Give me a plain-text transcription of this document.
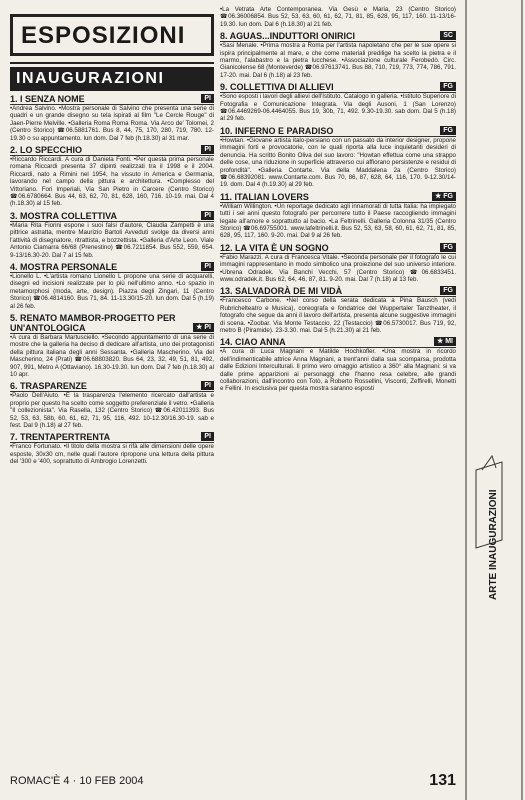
ESPOSIZIONI
INAUGURAZIONI
1. I SENZA NOME	PI
•Andrea Salvino. •Mostra personale di Salvino che presenta una serie di quadri e un grande disegno su tela ispirati al film "Le Cercle Rouge" di Jaen-Pierre Melville. •Galleria Roma Roma Roma. Via Arco de' Tolomei, 2 (Centro Storico) ☎06.5881761. Bus 8, 44, 75, 170, 280, 719, 780. 12-19.30 o su appuntamento. lun dom. Dal 7 feb (h.18.30) al 31 mar.
2. LO SPECCHIO	PI
•Riccardo Riccardi. A cura di Daniela Fonti. •Per questa prima personale romana Riccardi presenta 37 dipinti realizzati tra il 1998 e il 2004. Riccardi, nato a Rimini nel 1954, ha vissuto in America e Germania, lavorando nel campo della pittura e architettura. •Complesso del Vittoriano. Fori Imperiali, Via San Pietro in Carcere (Centro Storico) ☎06.6780664. Bus 44, 63, 62, 70, 81, 628, 160, 716. 10-19. mai. Dal 4 (h.18.30) al 15 feb.
3. MOSTRA COLLETTIVA	PI
•Maria Rita Fiorini espone i suoi falsi d'autore, Claudia Zampetti è una pittrice astratta, mentre Maurizio Bartoli Avveduti svolge da diversi anni l'attività di disegnatore, ritrattista, e bozzettista. •Galleria d'Arte Leon. Viale Antonio Ciamarra 66/68 (Prenestino) ☎06.7211854. Bus 552, 559, 654. 9-13/16.30-20. Dal 7 al 15 feb.
4. MOSTRA PERSONALE	PI
•Lionello L. •L'artista romano Lionello L propone una serie di acquarelli, disegni ed incisioni realizzate per lo più nell'ultimo anno. •Lo spazio in metamorphosi (moda, arte, design). Piazza degli Zingari, 11 (Centro Storico) ☎06.4814160. Bus 71, 84. 11-13.30/15-20. lun dom. Dal 5 (h.19) al 26 feb.
5. RENATO MAMBOR-PROGETTO PER UN'ANTOLOGICA	★ PI
•A cura di Barbara Martusciello. •Secondo appuntamento di una serie di mostre che la galleria ha deciso di dedicare all'artista, uno dei protagonisti della pittura italiana degli anni Sessanta. •Galleria Mascherino. Via del Mascherino, 24 (Prati) ☎06.68803820. Bus 64, 23, 32, 49, 51, 81, 492, 907, 991, Metro A (Ottaviano). 16.30-19.30. lun dom. Dal 7 feb (h.18.30) al 10 apr.
6. TRASPARENZE	PI
•Paolo Dell'Aiuto. •È la trasparenza l'elemento ricercato dall'artista e proprio per questo ha scelto come soggetto preferenziale il vetro. •Galleria "Il collezionista". Via Rasella, 132 (Centro Storico) ☎06.42011393. Bus 52, 53, 63, 58b, 60, 61, 62, 71, 95, 116, 492. 10-12.30/16.30-19. sab e fest. Dal 9 (h.18) al 27 feb.
7. TRENTAPERTRENTA	PI
•Franco Fortunato. •Il titolo della mostra si rifà alle dimensioni delle opere esposte, 30x30 cm, nelle quali l'autore ripropone una lettura della pittura del '300 e '400, soprattutto di Ambrogio Lorenzetti.
•La Vetrata Arte Contemporanea. Via Gesù e Maria, 23 (Centro Storico) ☎06.36006854. Bus 52, 53, 63, 60, 61, 62, 71, 81, 85, 628, 95, 117, 160. 11-13/16-19.30. lun dom. Dal 6 (h.18.30) al 21 feb.
8. AGUAS...INDUTTORI ONIRICI	SC
•Sasi Menale. •Prima mostra a Roma per l'artista napoletano che per le sue opere si ispira principalmente al mare, e che come materiali predilige ha scelto la pietra e il marmo, l'alabastro e la pietra lucchese. •Associazione culturale Ferobedò. Circ. Gianicolense 68 (Monteverde) ☎06.97613741. Bus 88, 710, 719, 773, 774, 786, 791. 17-20. mai. Dal 6 (h.18) al 23 feb.
9. COLLETTIVA DI ALLIEVI	FG
•Sono esposti i lavori degli allievi dell'Istituto. Catalogo in galleria. •Istituto Superiore di Fotografia e Comunicazione Integrata. Via degli Ausoni, 1 (San Lorenzo) ☎06.4469269-06.4464055. Bus 19, 30b, 71, 492. 9.30-19.30. sab dom. Dal 5 (h.18) al 29 feb.
10. INFERNO E PARADISO	FG
•Howtan. •Giovane artista italo-persiano con un passato da interior designer, propone immagini forti e provocatorie, con le quali riporta alla luce inquietanti desideri di denuncia. Ha scritto Bonito Oliva del suo lavoro: "Howtan effettua come una strappo delle cose, una riduzione in superficie attraverso cui affiorano persistenze e residui di profondità". •Galleria Contarte. Via della Maddalena 2a (Centro Storico) ☎06.68392081. www.Contarte.com. Bus 70, 86, 87, 628, 64, 116, 170. 9-12.30/14-19. dom. Dal 4 (h.19.30) al 29 feb.
11. ITALIAN LOVERS	★ FG
•William Willington. •Un reportage dedicato agli innamorati di tutta Italia: ha impiegato tutti i sei anni questo fotografo per percorrere tutto il Paese raccogliendo immagini legate all'amore e soprattutto al bacio. •La Feltrinelli. Galleria Colonna 31/35 (Centro Storico) ☎06.69755001. www.lafeltrinelli.it. Bus 52, 53, 63, 58, 60, 61, 62, 71, 81, 85, 628, 95, 117, 160. 9-20. mai. Dal 9 al 26 feb.
12. LA VITA È UN SOGNO	FG
•Fabio Marazzi. A cura di Francesca Vitale. •Seconda personale per il fotografo le cui immagini rappresentano in modo simbolico una proiezione del suo universo interiore. •Ubrena Odradek. Via Banchi Vecchi, 57 (Centro Storico) ☎06.6833451. www.odradek.it. Bus 62, 64, 46, 87, 81. 9-20. mai. Dal 7 (h.18) al 13 feb.
13. SALVADORÀ DE MI VIDÀ	FG
•Francesco Carbone. •Nel corso della serata dedicata a Pina Bausch (vedi Rubrichelteatro e Musica), coreografa e fondatrice del Wuppertaler Tanztheater, il fotografo che segue da anni il lavoro dell'artista, presenta alcune suggestive immagini di scena. •Zoobar. Via Monte Testaccio, 22 (Testaccio) ☎06.5730017. Bus 719, 92, metro B (Piramide). 23-3.30. mai. Dal 5 (h.21.30) al 21 feb.
14. CIAO ANNA	★ MI
•A cura di Luca Magnani e Matilde Hochkofler. •Una mostra in ricordo dell'indimenticabile attrice Anna Magnani, a trent'anni dalla sua scomparsa, prodotta dalle Edizioni Interculturali. Il primo vero omaggio artistico a 360° alla Magnani: si va dalle prime apparizioni ai personaggi che l'hanno resa celebre, alle grandi collaborazioni, dall'incontro con Totò, a Roberto Rossellini, Visconti, Zeffirelli, Monetti e Fellini. In esclusiva per questa mostra saranno esposti
ARTE INAUGURAZIONI
ROMAC'È 4 · 10 FEB 2004	131
